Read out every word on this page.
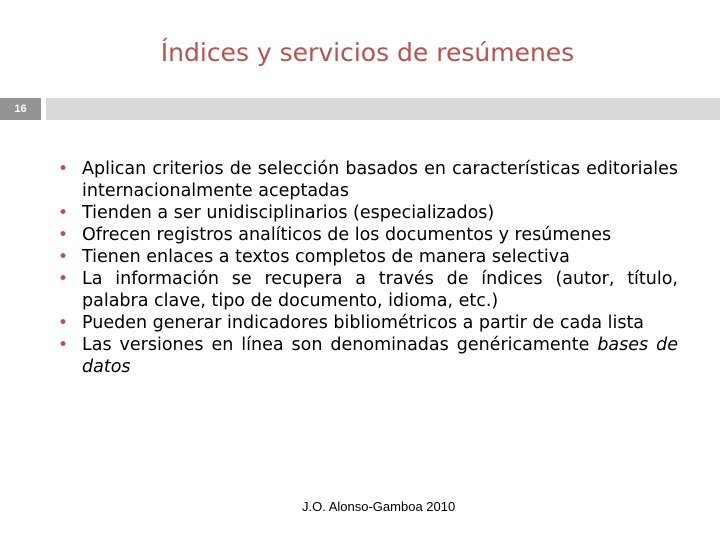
Índices y servicios de resúmenes
16
• Aplican criterios de selección basados en características editoriales internacionalmente aceptadas
• Tienden a ser unidisciplinarios (especializados)
• Ofrecen registros analíticos de los documentos y resúmenes
• Tienen enlaces a textos completos de manera selectiva
• La información se recupera a través de índices (autor, título, palabra clave, tipo de documento, idioma, etc.)
• Pueden generar indicadores bibliométricos a partir de cada lista
• Las versiones en línea son denominadas genéricamente bases de datos
J.O. Alonso-Gamboa 2010
